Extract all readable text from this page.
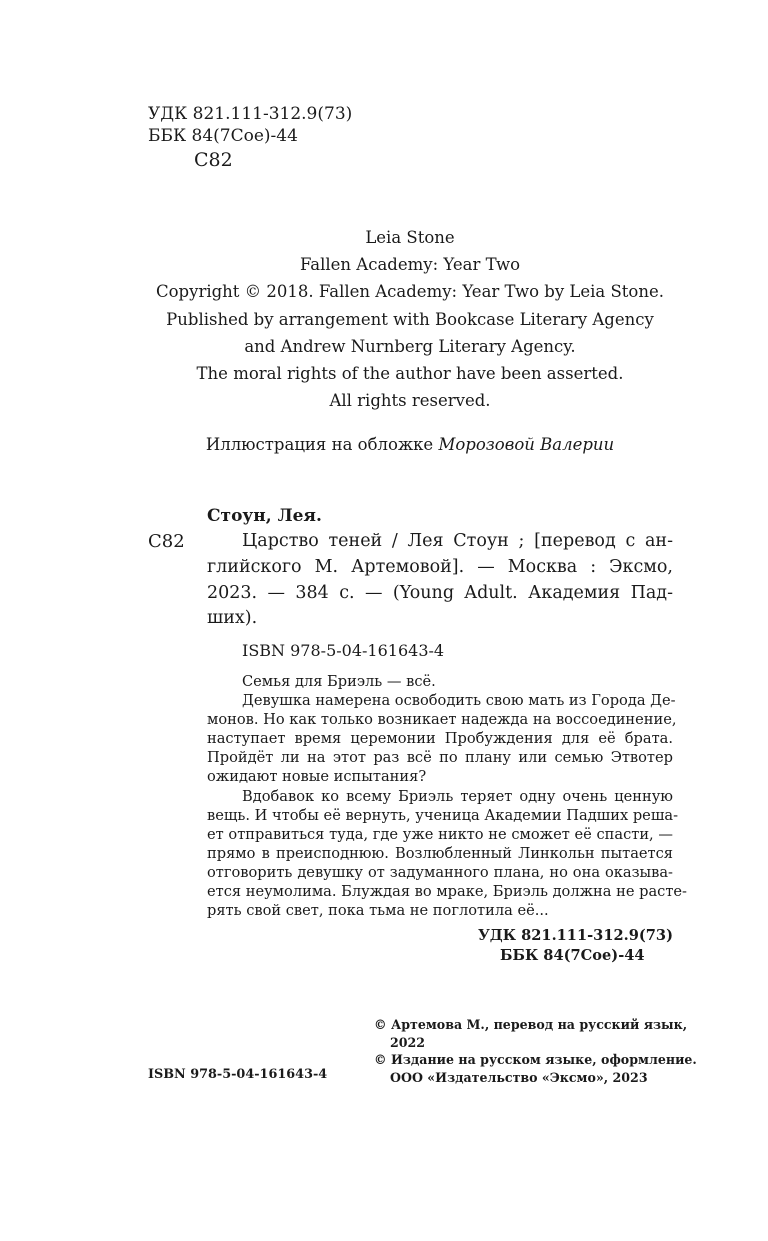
УДК 821.111-312.9(73)
ББК 84(7Сое)-44
С82
Leia Stone
Fallen Academy: Year Two
Copyright © 2018. Fallen Academy: Year Two by Leia Stone.
Published by arrangement with Bookcase Literary Agency
and Andrew Nurnberg Literary Agency.
The moral rights of the author have been asserted.
All rights reserved.
Иллюстрация на обложке Морозовой Валерии
Стоун, Лея.
С82	Царство теней / Лея Стоун ; [перевод с ан-
глийского М. Артемовой]. — Москва : Эксмо,
2023. — 384 с. — (Young Adult. Академия Пад-
ших).
ISBN 978-5-04-161643-4
Семья для Бриэль — всё.
Девушка намерена освободить свою мать из Города Де-
монов. Но как только возникает надежда на воссоединение,
наступает время церемонии Пробуждения для её брата.
Пройдёт ли на этот раз всё по плану или семью Этвотер
ожидают новые испытания?
Вдобавок ко всему Бриэль теряет одну очень ценную
вещь. И чтобы её вернуть, ученица Академии Падших реша-
ет отправиться туда, где уже никто не сможет её спасти, —
прямо в преисподнюю. Возлюбленный Линкольн пытается
отговорить девушку от задуманного плана, но она оказыва-
ется неумолима. Блуждая во мраке, Бриэль должна не расте-
рять свой свет, пока тьма не поглотила её...
УДК 821.111-312.9(73)
ББК 84(7Сое)-44
© Артемова М., перевод на русский язык,
2022
© Издание на русском языке, оформление.
ООО «Издательство «Эксмо», 2023
ISBN 978-5-04-161643-4
